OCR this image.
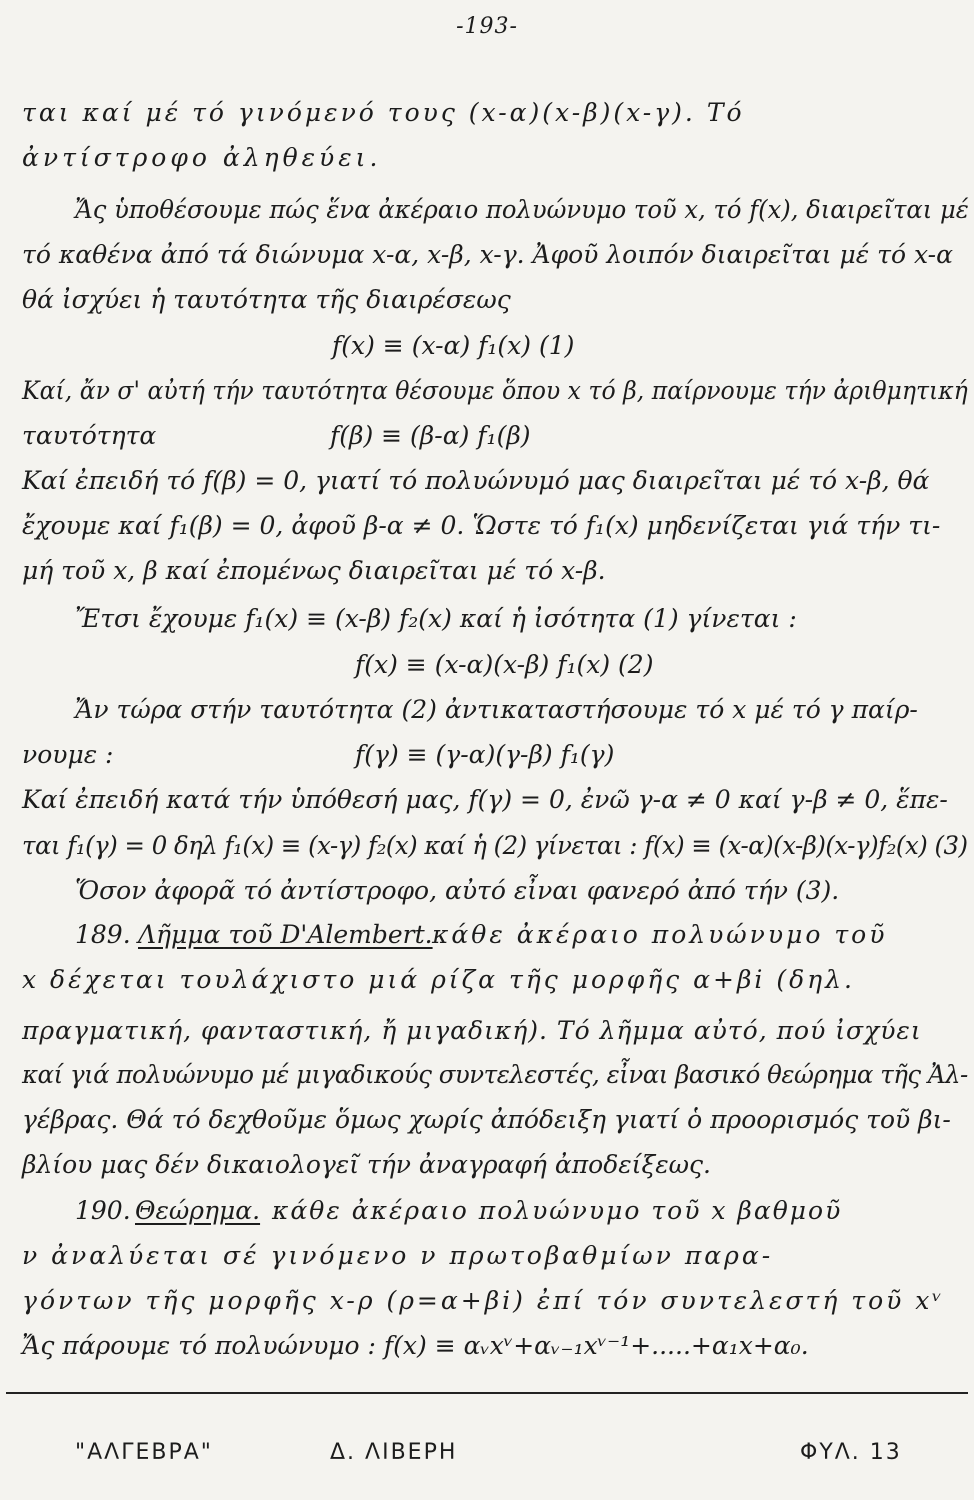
-193-
ται καί μέ τό γινόμενό τους (x-α)(x-β)(x-γ). Τό
ἀντίστροφο ἀληθεύει.
Ἄς ὑποθέσουμε πώς ἕνα ἀκέραιο πολυώνυμο τοῦ x, τό f(x), διαιρεῖται μέ
τό καθένα ἀπό τά διώνυμα x-α, x-β, x-γ. Ἀφοῦ λοιπόν διαιρεῖται μέ τό x-α
θά ἰσχύει ἡ ταυτότητα τῆς διαιρέσεως
f(x) ≡ (x-α) f₁(x) (1)
Καί, ἄν σ' αὐτή τήν ταυτότητα θέσουμε ὅπου x τό β, παίρνουμε τήν ἀριθμητική
ταυτότητα	f(β) ≡ (β-α) f₁(β)
Καί ἐπειδή τό f(β) = 0, γιατί τό πολυώνυμό μας διαιρεῖται μέ τό x-β, θά
ἔχουμε καί f₁(β) = 0, ἀφοῦ β-α ≠ 0. Ὥστε τό f₁(x) μηδενίζεται γιά τήν τι-
μή τοῦ x, β καί ἐπομένως διαιρεῖται μέ τό x-β.
Ἔτσι ἔχουμε f₁(x) ≡ (x-β) f₂(x) καί ἡ ἰσότητα (1) γίνεται :
f(x) ≡ (x-α)(x-β) f₁(x) (2)
Ἄν τώρα στήν ταυτότητα (2) ἀντικαταστήσουμε τό x μέ τό γ παίρ-
νουμε :	f(γ) ≡ (γ-α)(γ-β) f₁(γ)
Καί ἐπειδή κατά τήν ὑπόθεσή μας, f(γ) = 0, ἐνῶ γ-α ≠ 0 καί γ-β ≠ 0, ἕπε-
ται f₁(γ) = 0 δηλ f₁(x) ≡ (x-γ) f₂(x) καί ἡ (2) γίνεται : f(x) ≡ (x-α)(x-β)(x-γ)f₂(x) (3)
Ὅσον ἀφορᾶ τό ἀντίστροφο, αὐτό εἶναι φανερό ἀπό τήν (3).
κάθε ἀκέραιο πολυώνυμο τοῦ
x δέχεται τουλάχιστο μιά ρίζα τῆς μορφῆς α+βi (δηλ.
πραγματική, φανταστική, ἤ μιγαδική). Τό λῆμμα αὐτό, πού ἰσχύει
καί γιά πολυώνυμο μέ μιγαδικούς συντελεστές, εἶναι βασικό θεώρημα τῆς Ἀλ-
γέβρας. Θά τό δεχθοῦμε ὅμως χωρίς ἀπόδειξη γιατί ὁ προορισμός τοῦ βι-
βλίου μας δέν δικαιολογεῖ τήν ἀναγραφή ἀποδείξεως.
κάθε ἀκέραιο πολυώνυμο τοῦ x βαθμοῦ
ν ἀναλύεται σέ γινόμενο ν πρωτοβαθμίων παρα-
γόντων τῆς μορφῆς x-ρ (ρ=α+βi) ἐπί τόν συντελεστή τοῦ xᵛ
Ἄς πάρουμε τό πολυώνυμο : f(x) ≡ αᵥxᵛ+αᵥ₋₁xᵛ⁻¹+.....+α₁x+α₀.
189. Λῆμμα τοῦ D'Alembert.
190. Θεώρημα.
"ΑΛΓΕΒΡΑ"	Δ. ΛΙΒΕΡΗ	ΦΥΛ. 13
